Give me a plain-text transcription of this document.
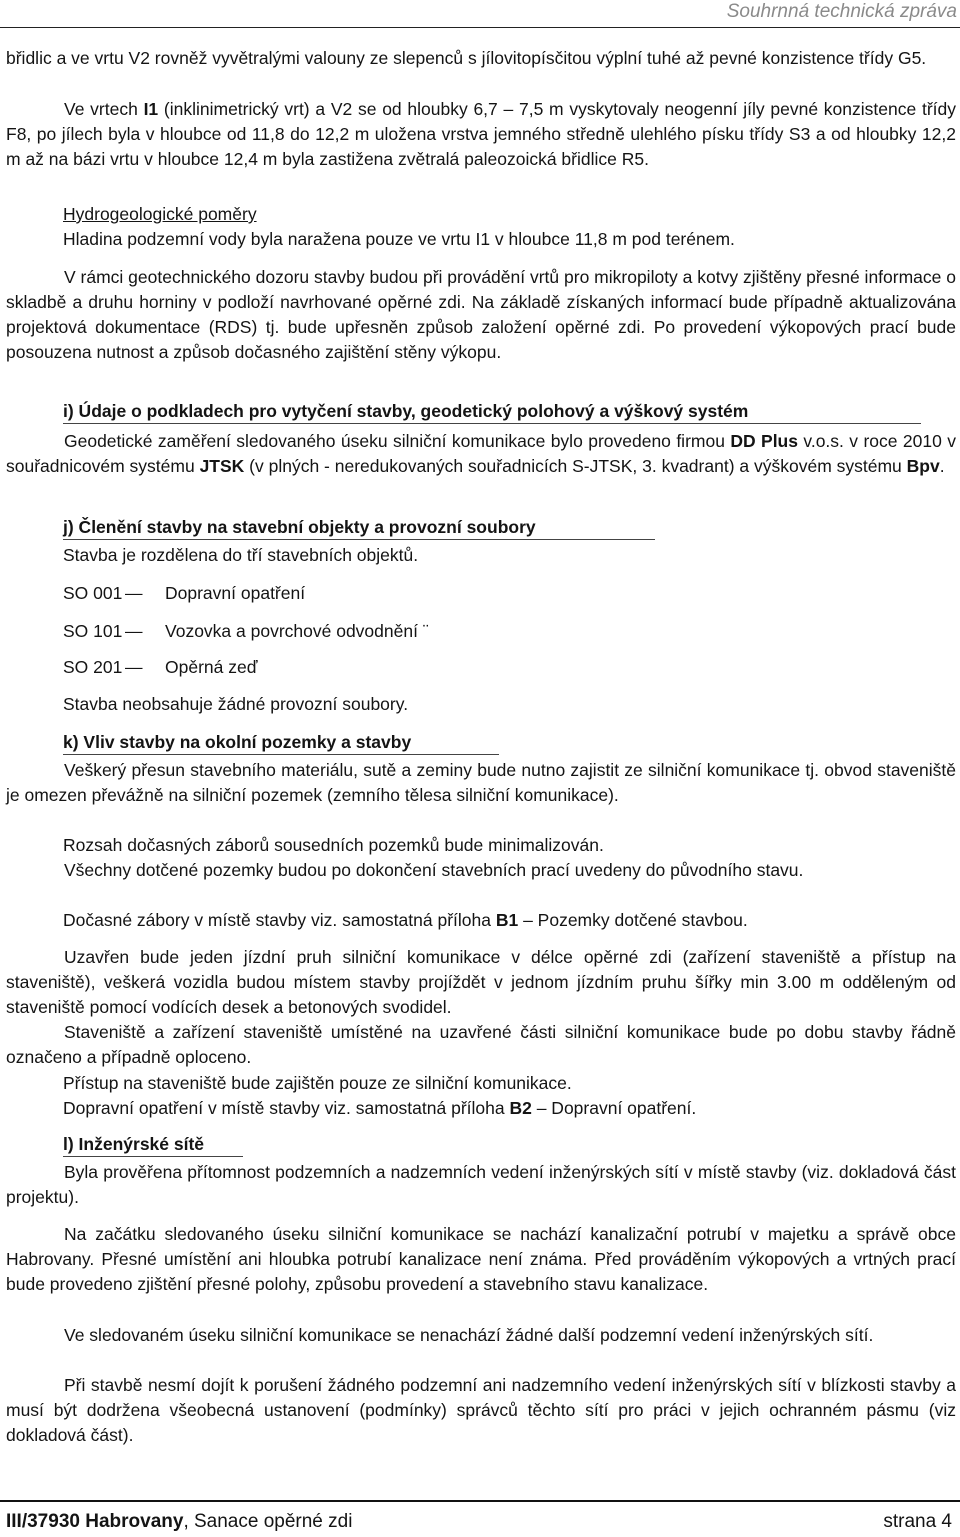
Souhrnná technická zpráva

břidlic a ve vrtu V2 rovněž vyvětralými valouny ze slepenců s jílovitopísčitou výplní tuhé až pevné konzistence třídy G5.

Ve vrtech I1 (inklinimetrický vrt) a V2 se od hloubky 6,7 – 7,5 m vyskytovaly neogenní jíly pevné konzistence třídy F8, po jílech byla v hloubce od 11,8 do 12,2 m uložena vrstva jemného středně ulehlého písku třídy S3 a od hloubky 12,2 m až na bázi vrtu v hloubce 12,4 m byla zastižena zvětralá paleozoická břidlice R5.

Hydrogeologické poměry

Hladina podzemní vody byla naražena pouze ve vrtu I1 v hloubce 11,8 m pod terénem.

V rámci geotechnického dozoru stavby budou při provádění vrtů pro mikropiloty a kotvy zjištěny přesné informace o skladbě a druhu horniny v podloží navrhované opěrné zdi. Na základě získaných informací bude případně aktualizována projektová dokumentace (RDS) tj. bude upřesněn způsob založení opěrné zdi. Po provedení výkopových prací bude posouzena nutnost a způsob dočasného zajištění stěny výkopu.

i) Údaje o podkladech pro vytyčení stavby, geodetický polohový a výškový systém

Geodetické zaměření sledovaného úseku silniční komunikace bylo provedeno firmou DD Plus v.o.s. v roce 2010 v souřadnicovém systému JTSK (v plných - neredukovaných souřadnicích S-JTSK, 3. kvadrant) a výškovém systému Bpv.

j) Členění stavby na stavební objekty a provozní soubory

Stavba je rozdělena do tří stavebních objektů.

SO 001 — Dopravní opatření
SO 101 — Vozovka a povrchové odvodnění ¨
SO 201 — Opěrná zeď

Stavba neobsahuje žádné provozní soubory.

k) Vliv stavby na okolní pozemky a stavby

Veškerý přesun stavebního materiálu, sutě a zeminy bude nutno zajistit ze silniční komunikace tj. obvod staveniště je omezen převážně na silniční pozemek (zemního tělesa silniční komunikace).

Rozsah dočasných záborů sousedních pozemků bude minimalizován.

Všechny dotčené pozemky budou po dokončení stavebních prací uvedeny do původního stavu.

Dočasné zábory v místě stavby viz. samostatná příloha B1 – Pozemky dotčené stavbou.

Uzavřen bude jeden jízdní pruh silniční komunikace v délce opěrné zdi (zařízení staveniště a přístup na staveniště), veškerá vozidla budou místem stavby projíždět v jednom jízdním pruhu šířky min 3.00 m odděleným od staveniště pomocí vodících desek a betonových svodidel.

Staveniště a zařízení staveniště umístěné na uzavřené části silniční komunikace bude po dobu stavby řádně označeno a případně oploceno.

Přístup na staveniště bude zajištěn pouze ze silniční komunikace.

Dopravní opatření v místě stavby viz. samostatná příloha B2 – Dopravní opatření.

l) Inženýrské sítě

Byla prověřena přítomnost podzemních a nadzemních vedení inženýrských sítí v místě stavby (viz. dokladová část projektu).

Na začátku sledovaného úseku silniční komunikace se nachází kanalizační potrubí v majetku a správě obce Habrovany. Přesné umístění ani hloubka potrubí kanalizace není známa. Před prováděním výkopových a vrtných prací bude provedeno zjištění přesné polohy, způsobu provedení a stavebního stavu kanalizace.

Ve sledovaném úseku silniční komunikace se nenachází žádné další podzemní vedení inženýrských sítí.

Při stavbě nesmí dojít k porušení žádného podzemní ani nadzemního vedení inženýrských sítí v blízkosti stavby a musí být dodržena všeobecná ustanovení (podmínky) správců těchto sítí pro práci v jejich ochranném pásmu (viz dokladová část).

III/37930 Habrovany, Sanace opěrné zdi	strana 4
